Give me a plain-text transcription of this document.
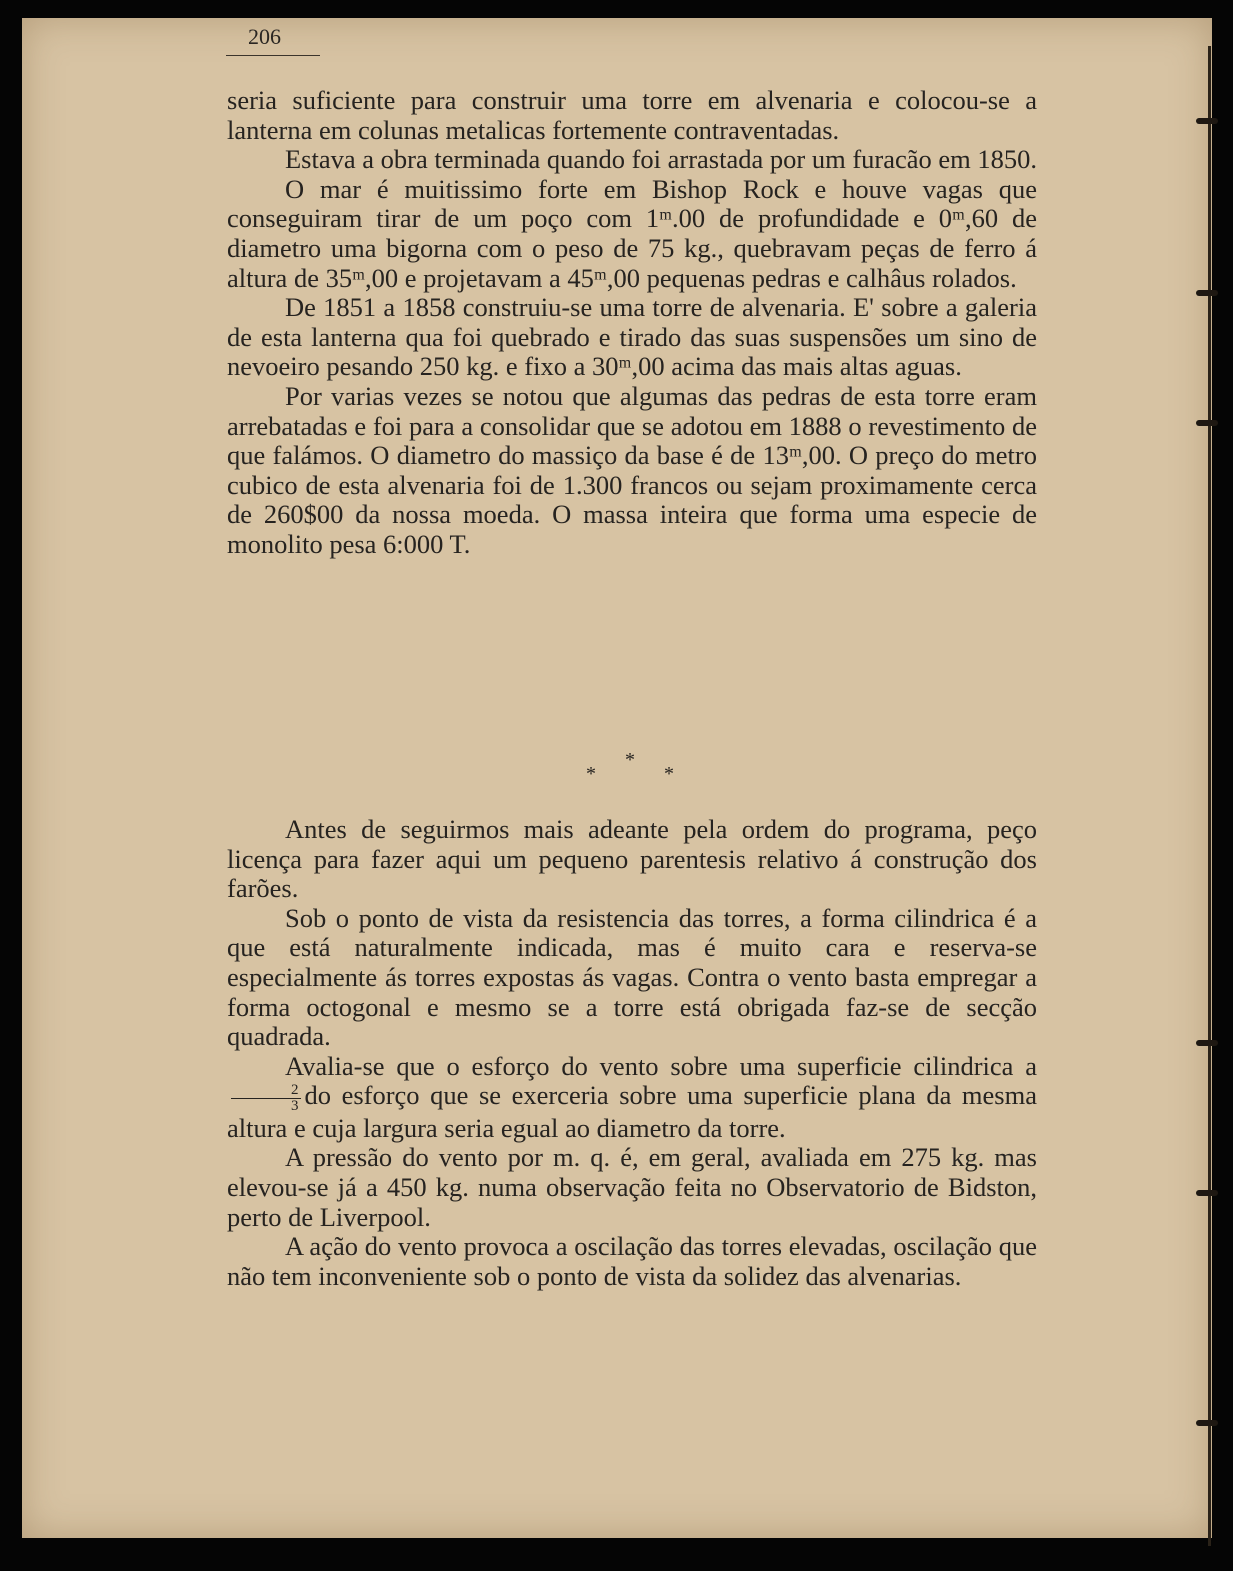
206

seria suficiente para construir uma torre em alvenaria e colocou-se a lanterna em colunas metalicas fortemente contraventadas.

Estava a obra terminada quando foi arrastada por um furacão em 1850.

O mar é muitissimo forte em Bishop Rock e houve vagas que conseguiram tirar de um poço com 1ᵐ.00 de profundidade e 0ᵐ,60 de diametro uma bigorna com o peso de 75 kg., quebravam peças de ferro á altura de 35ᵐ,00 e projetavam a 45ᵐ,00 pequenas pedras e calhâus rolados.

De 1851 a 1858 construiu-se uma torre de alvenaria. E' sobre a galeria de esta lanterna qua foi quebrado e tirado das suas suspensões um sino de nevoeiro pesando 250 kg. e fixo a 30ᵐ,00 acima das mais altas aguas.

Por varias vezes se notou que algumas das pedras de esta torre eram arrebatadas e foi para a consolidar que se adotou em 1888 o revestimento de que falámos. O diametro do massiço da base é de 13ᵐ,00. O preço do metro cubico de esta alvenaria foi de 1.300 francos ou sejam proximamente cerca de 260$00 da nossa moeda. O massa inteira que forma uma especie de monolito pesa 6:000 T.

*
*	*

Antes de seguirmos mais adeante pela ordem do programa, peço licença para fazer aqui um pequeno parentesis relativo á construção dos farões.

Sob o ponto de vista da resistencia das torres, a forma cilindrica é a que está naturalmente indicada, mas é muito cara e reserva-se especialmente ás torres expostas ás vagas. Contra o vento basta empregar a forma octogonal e mesmo se a torre está obrigada faz-se de secção quadrada.

Avalia-se que o esforço do vento sobre uma superficie cilindrica a
$\frac{2}{3}$ do esforço que se exerceria sobre uma superficie plana da mesma altura e cuja largura seria egual ao diametro da torre.

A pressão do vento por m. q. é, em geral, avaliada em 275 kg. mas elevou-se já a 450 kg. numa observação feita no Observatorio de Bidston, perto de Liverpool.

A ação do vento provoca a oscilação das torres elevadas, oscilação que não tem inconveniente sob o ponto de vista da solidez das alvenarias.
